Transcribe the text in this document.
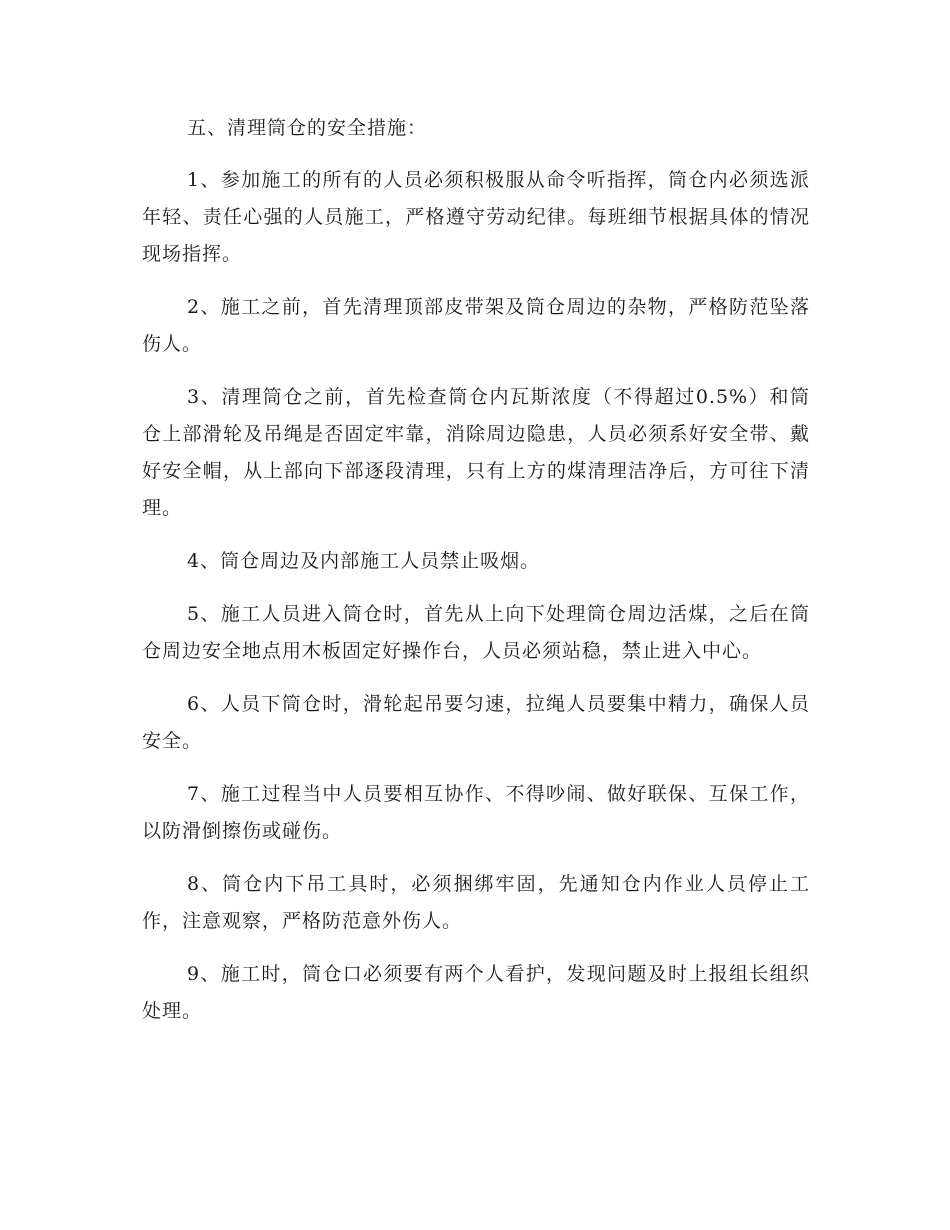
五、清理筒仓的安全措施：

1、参加施工的所有的人员必须积极服从命令听指挥，筒仓内必须选派年轻、责任心强的人员施工，严格遵守劳动纪律。每班细节根据具体的情况现场指挥。

2、施工之前，首先清理顶部皮带架及筒仓周边的杂物，严格防范坠落伤人。

3、清理筒仓之前，首先检查筒仓内瓦斯浓度（不得超过0.5%）和筒仓上部滑轮及吊绳是否固定牢靠，消除周边隐患，人员必须系好安全带、戴好安全帽，从上部向下部逐段清理，只有上方的煤清理洁净后，方可往下清理。

4、筒仓周边及内部施工人员禁止吸烟。

5、施工人员进入筒仓时，首先从上向下处理筒仓周边活煤，之后在筒仓周边安全地点用木板固定好操作台，人员必须站稳，禁止进入中心。

6、人员下筒仓时，滑轮起吊要匀速，拉绳人员要集中精力，确保人员安全。

7、施工过程当中人员要相互协作、不得吵闹、做好联保、互保工作，以防滑倒擦伤或碰伤。

8、筒仓内下吊工具时，必须捆绑牢固，先通知仓内作业人员停止工作，注意观察，严格防范意外伤人。

9、施工时，筒仓口必须要有两个人看护，发现问题及时上报组长组织处理。
